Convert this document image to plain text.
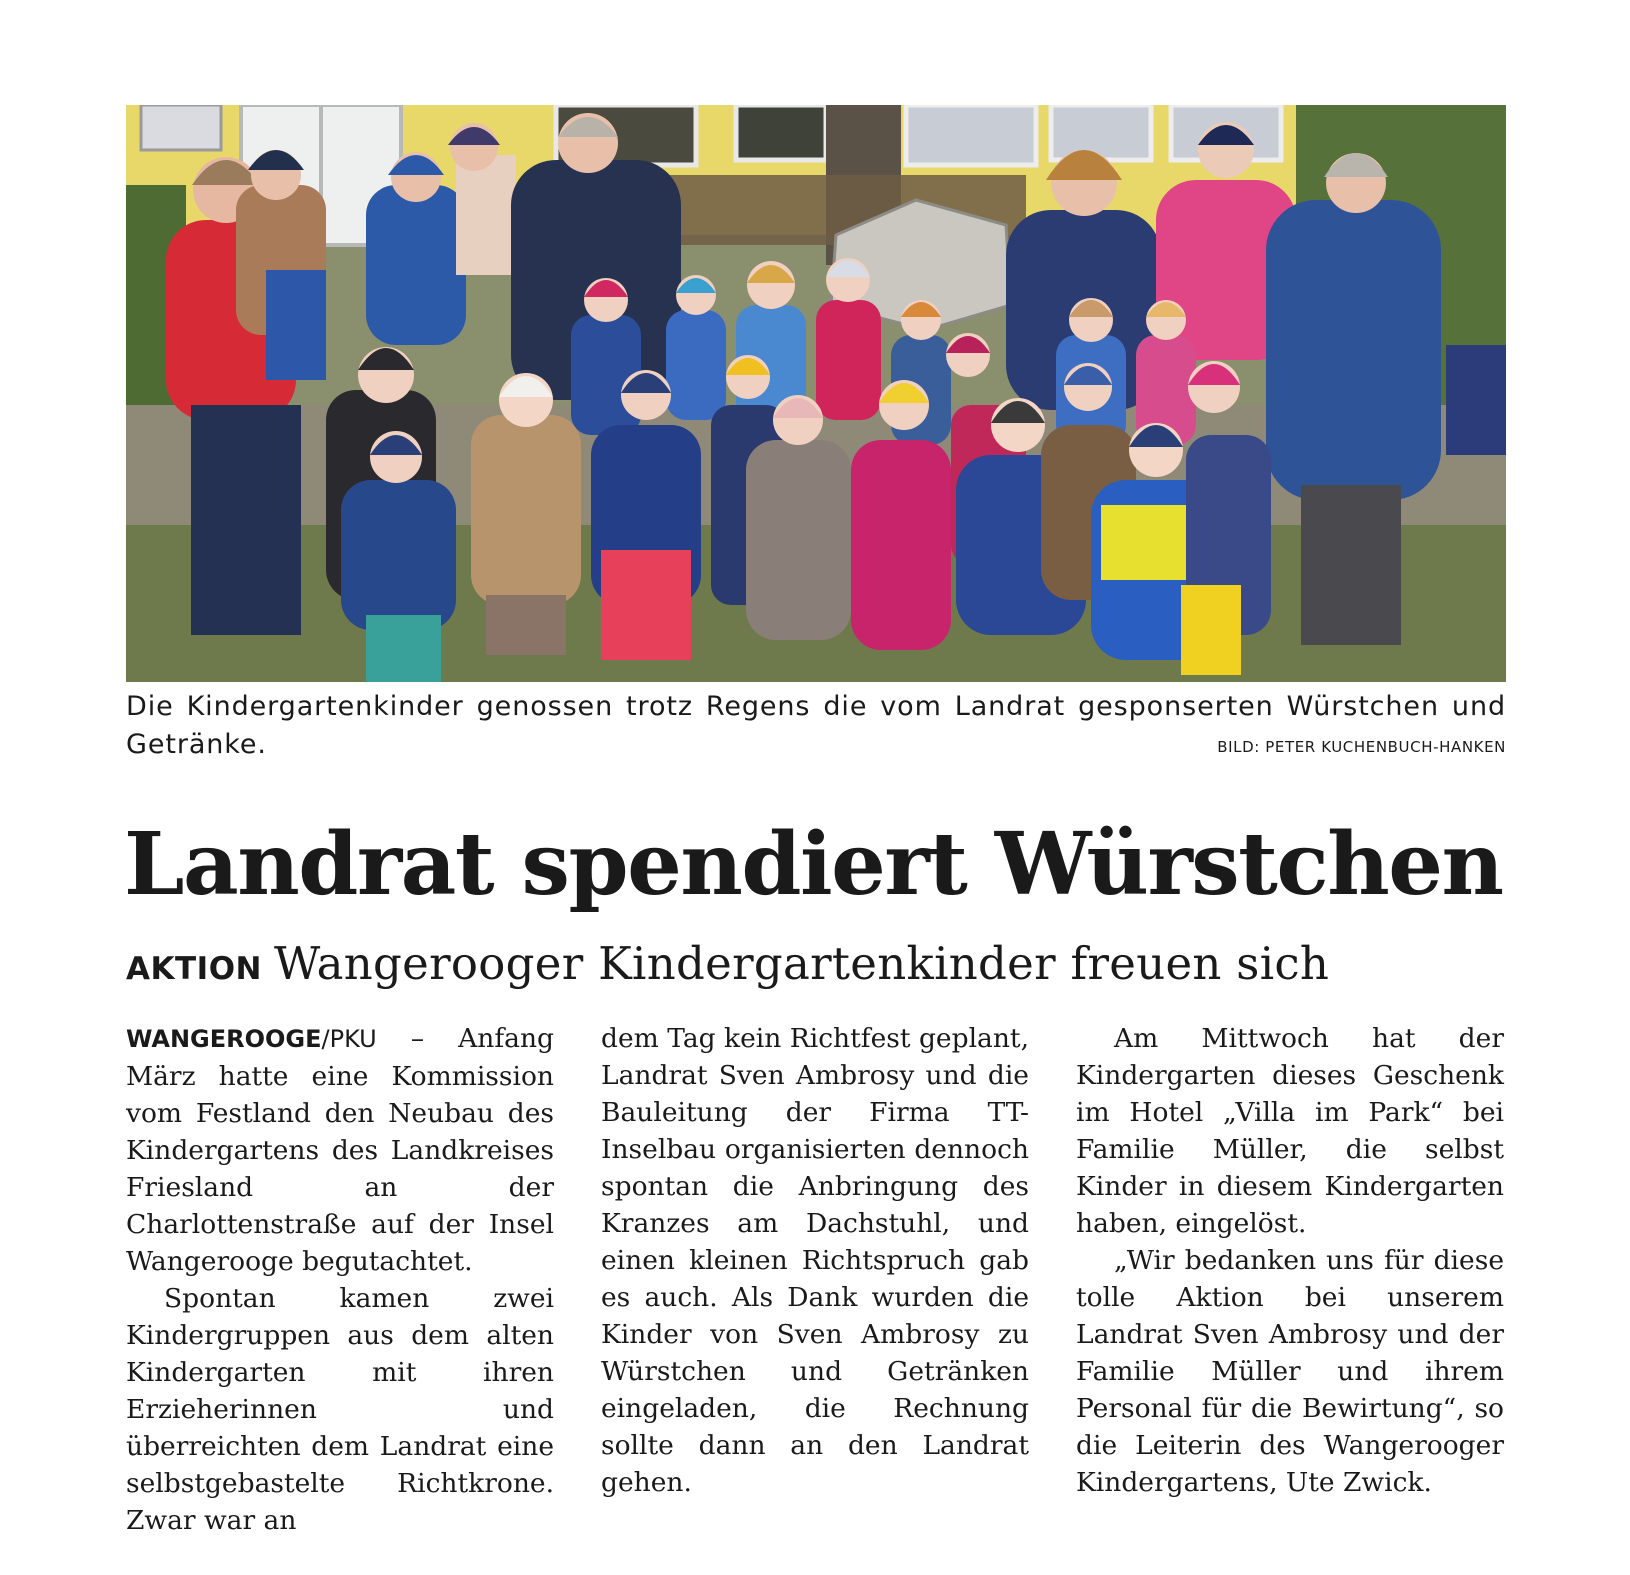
Die Kindergartenkinder genossen trotz Regens die vom Landrat gesponserten Würstchen und Getränke.	BILD: PETER KUCHENBUCH-HANKEN
Landrat spendiert Würstchen
AKTION Wangerooger Kindergartenkinder freuen sich

WANGEROOGE/PKU – Anfang März hatte eine Kommission vom Festland den Neubau des Kindergartens des Landkreises Friesland an der Charlottenstraße auf der Insel Wangerooge begutachtet.

Spontan kamen zwei Kindergruppen aus dem alten Kindergarten mit ihren Erzieherinnen und überreichten dem Landrat eine selbstgebastelte Richtkrone. Zwar war an

dem Tag kein Richtfest geplant, Landrat Sven Ambrosy und die Bauleitung der Firma TT-Inselbau organisierten dennoch spontan die Anbringung des Kranzes am Dachstuhl, und einen kleinen Richtspruch gab es auch. Als Dank wurden die Kinder von Sven Ambrosy zu Würstchen und Getränken eingeladen, die Rechnung sollte dann an den Landrat gehen.

Am Mittwoch hat der Kindergarten dieses Geschenk im Hotel „Villa im Park“ bei Familie Müller, die selbst Kinder in diesem Kindergarten haben, eingelöst.

„Wir bedanken uns für diese tolle Aktion bei unserem Landrat Sven Ambrosy und der Familie Müller und ihrem Personal für die Bewirtung“, so die Leiterin des Wangerooger Kindergartens, Ute Zwick.
